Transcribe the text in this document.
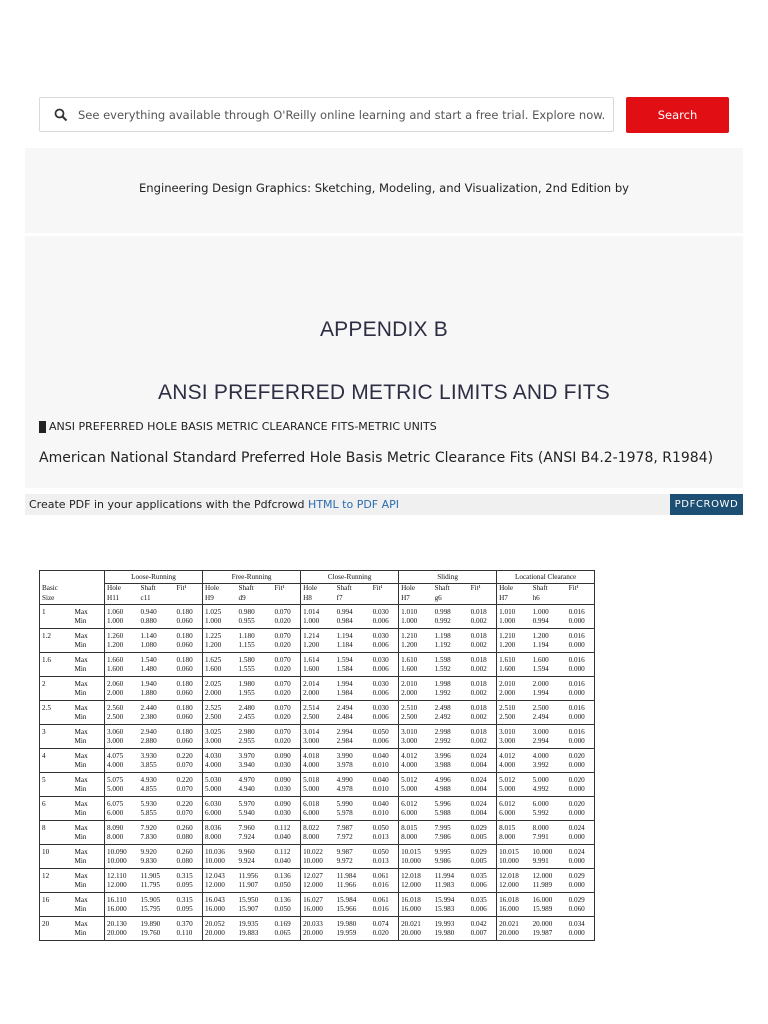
See everything available through O'Reilly online learning and start a free trial. Explore now.
Search
Engineering Design Graphics: Sketching, Modeling, and Visualization, 2nd Edition by
APPENDIX B
ANSI PREFERRED METRIC LIMITS AND FITS
ANSI PREFERRED HOLE BASIS METRIC CLEARANCE FITS-METRIC UNITS
American National Standard Preferred Hole Basis Metric Clearance Fits (ANSI B4.2-1978, R1984)
Create PDF in your applications with the Pdfcrowd HTML to PDF API	PDFCROWD
		Loose-Running			Free-Running			Close-Running			Sliding			Locational Clearance		
Basic		Hole	Shaft	Fit¹	Hole	Shaft	Fit¹	Hole	Shaft	Fit¹	Hole	Shaft	Fit¹	Hole	Shaft	Fit¹
Size		H11	c11		H9	d9		H8	f7		H7	g6		H7	h6	
1	Max	1.060	0.940	0.180	1.025	0.980	0.070	1.014	0.994	0.030	1.010	0.998	0.018	1.010	1.000	0.016
	Min	1.000	0.880	0.060	1.000	0.955	0.020	1.000	0.984	0.006	1.000	0.992	0.002	1.000	0.994	0.000
1.2	Max	1.260	1.140	0.180	1.225	1.180	0.070	1.214	1.194	0.030	1.210	1.198	0.018	1.210	1.200	0.016
	Min	1.200	1.080	0.060	1.200	1.155	0.020	1.200	1.184	0.006	1.200	1.192	0.002	1.200	1.194	0.000
1.6	Max	1.660	1.540	0.180	1.625	1.580	0.070	1.614	1.594	0.030	1.610	1.598	0.018	1.610	1.600	0.016
	Min	1.600	1.480	0.060	1.600	1.555	0.020	1.600	1.584	0.006	1.600	1.592	0.002	1.600	1.594	0.000
2	Max	2.060	1.940	0.180	2.025	1.980	0.070	2.014	1.994	0.030	2.010	1.998	0.018	2.010	2.000	0.016
	Min	2.000	1.880	0.060	2.000	1.955	0.020	2.000	1.984	0.006	2.000	1.992	0.002	2.000	1.994	0.000
2.5	Max	2.560	2.440	0.180	2.525	2.480	0.070	2.514	2.494	0.030	2.510	2.498	0.018	2.510	2.500	0.016
	Min	2.500	2.380	0.060	2.500	2.455	0.020	2.500	2.484	0.006	2.500	2.492	0.002	2.500	2.494	0.000
3	Max	3.060	2.940	0.180	3.025	2.980	0.070	3.014	2.994	0.050	3.010	2.998	0.018	3.010	3.000	0.016
	Min	3.000	2.880	0.060	3.000	2.955	0.020	3.000	2.984	0.006	3.000	2.992	0.002	3.000	2.994	0.000
4	Max	4.075	3.930	0.220	4.030	3.970	0.090	4.018	3.990	0.040	4.012	3.996	0.024	4.012	4.000	0.020
	Min	4.000	3.855	0.070	4.000	3.940	0.030	4.000	3.978	0.010	4.000	3.988	0.004	4.000	3.992	0.000
5	Max	5.075	4.930	0.220	5.030	4.970	0.090	5.018	4.990	0.040	5.012	4.996	0.024	5.012	5.000	0.020
	Min	5.000	4.855	0.070	5.000	4.940	0.030	5.000	4.978	0.010	5.000	4.988	0.004	5.000	4.992	0.000
6	Max	6.075	5.930	0.220	6.030	5.970	0.090	6.018	5.990	0.040	6.012	5.996	0.024	6.012	6.000	0.020
	Min	6.000	5.855	0.070	6.000	5.940	0.030	6.000	5.978	0.010	6.000	5.988	0.004	6.000	5.992	0.000
8	Max	8.090	7.920	0.260	8.036	7.960	0.112	8.022	7.987	0.050	8.015	7.995	0.029	8.015	8.000	0.024
	Min	8.000	7.830	0.080	8.000	7.924	0.040	8.000	7.972	0.013	8.000	7.986	0.005	8.000	7.991	0.000
10	Max	10.090	9.920	0.260	10.036	9.960	0.112	10.022	9.987	0.050	10.015	9.995	0.029	10.015	10.000	0.024
	Min	10.000	9.830	0.080	10.000	9.924	0.040	10.000	9.972	0.013	10.000	9.986	0.005	10.000	9.991	0.000
12	Max	12.110	11.905	0.315	12.043	11.956	0.136	12.027	11.984	0.061	12.018	11.994	0.035	12.018	12.000	0.029
	Min	12.000	11.795	0.095	12.000	11.907	0.050	12.000	11.966	0.016	12.000	11.983	0.006	12.000	11.989	0.000
16	Max	16.110	15.905	0.315	16.043	15.950	0.136	16.027	15.984	0.061	16.018	15.994	0.035	16.018	16.000	0.029
	Min	16.000	15.795	0.095	16.000	15.907	0.050	16.000	15.966	0.016	16.000	15.983	0.006	16.000	15.989	0.060
20	Max	20.130	19.890	0.370	20.052	19.935	0.169	20.033	19.980	0.074	20.021	19.993	0.042	20.021	20.000	0.034
	Min	20.000	19.760	0.110	20.000	19.883	0.065	20.000	19.959	0.020	20.000	19.980	0.007	20.000	19.987	0.000
